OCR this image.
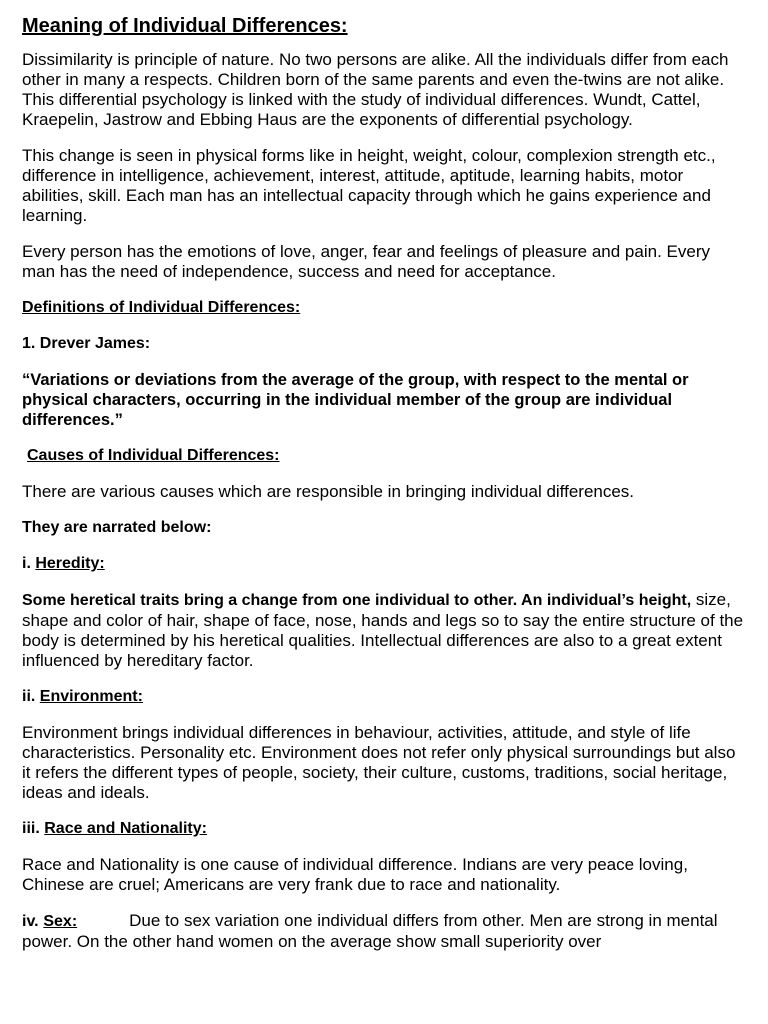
Meaning of Individual Differences:

Dissimilarity is principle of nature. No two persons are alike. All the individuals differ from each other in many a respects. Children born of the same parents and even the-twins are not alike. This differential psychology is linked with the study of individual differences. Wundt, Cattel, Kraepelin, Jastrow and Ebbing Haus are the exponents of differential psychology.

This change is seen in physical forms like in height, weight, colour, complexion strength etc., difference in intelligence, achievement, interest, attitude, aptitude, learning habits, motor abilities, skill. Each man has an intellectual capacity through which he gains experience and learning.

Every person has the emotions of love, anger, fear and feelings of pleasure and pain. Every man has the need of independence, success and need for acceptance.

Definitions of Individual Differences:

1. Drever James:

“Variations or deviations from the average of the group, with respect to the mental or physical characters, occurring in the individual member of the group are individual differences.”

Causes of Individual Differences:

There are various causes which are responsible in bringing individual differences.

They are narrated below:

i. Heredity:

Some heretical traits bring a change from one individual to other. An individual’s height, size, shape and color of hair, shape of face, nose, hands and legs so to say the entire structure of the body is determined by his heretical qualities. Intellectual differences are also to a great extent influenced by hereditary factor.

ii. Environment:

Environment brings individual differences in behaviour, activities, attitude, and style of life characteristics. Personality etc. Environment does not refer only physical surroundings but also it refers the different types of people, society, their culture, customs, traditions, social heritage, ideas and ideals.

iii. Race and Nationality:

Race and Nationality is one cause of individual difference. Indians are very peace loving, Chinese are cruel; Americans are very frank due to race and nationality.

iv. Sex:	Due to sex variation one individual differs from other. Men are strong in mental power. On the other hand women on the average show small superiority over
